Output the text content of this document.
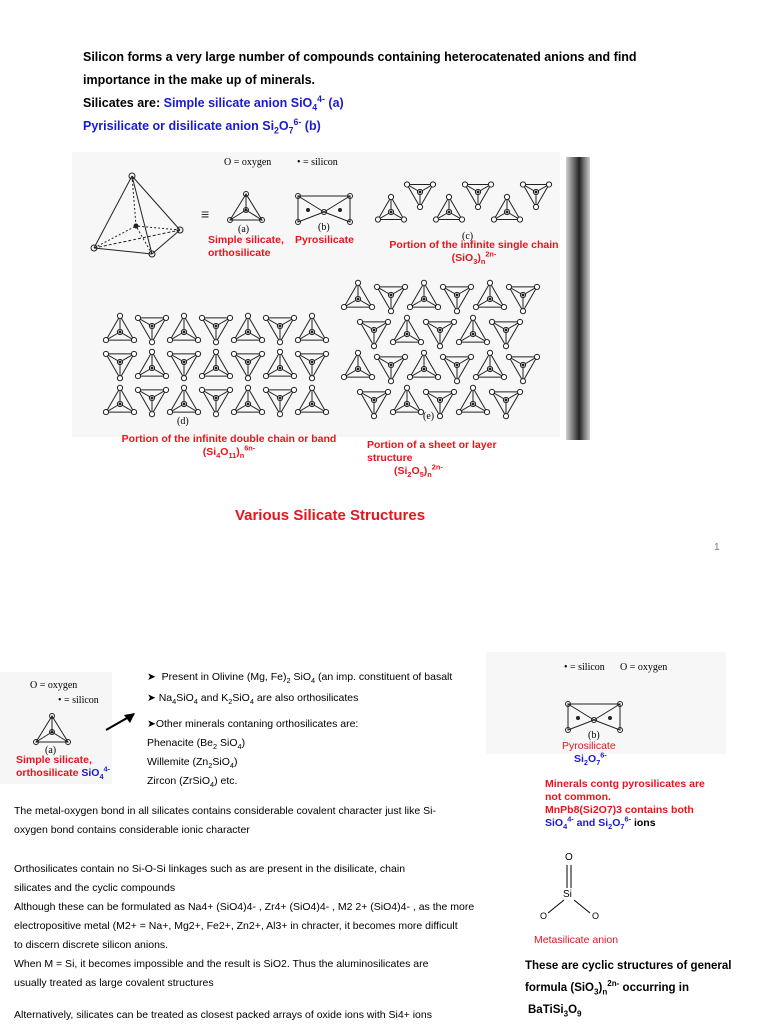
Silicon forms a very large number of compounds containing heterocatenated anions and find
importance in the make up of minerals.
Silicates are: Simple silicate anion SiO$_4^{4-}$ (a)
Pyrisilicate or disilicate anion $Si_2O_7^{6-}$ (b)
O = oxygen	• = silicon
≡
(a)	(b)
(c)
Simple silicate,
orthosilicate
Pyrosilicate	Portion of the infinite single chain
$(SiO_3)_n^{2n-}$
(d)	(e)
Portion of the infinite double chain or band
$(Si_4O_{11})_n^{6n-}$	Portion of a sheet or layer
structure
$(Si_2O_5)_n^{2n-}$
Various Silicate Structures
1
O = oxygen
• = silicon
(a)
Simple silicate,
orthosilicate SiO$_4^{4-}$
➤  Present in Olivine (Mg, $Fe)_2$ SiO$_4$ (an imp. constituent of basalt
➤ $Na_4SiO_4$ and $K_2SiO_4$ are also orthosilicates
➤Other minerals contaning orthosilicates are:
Phenacite ($Be_2$ SiO$_4$)
Willemite $(Zn_2SiO_4)$
Zircon (ZrSiO$_4$) etc.
• = silicon O = oxygen
(b)
Pyrosilicate
$Si_2O_7^{6-}$
Minerals contg pyrosilicates are
not common.
MnPb8(Si2O7)3 contains both
SiO$_4^{4-}$ and $Si_2O_7^{6-}$ ions
O
Si
O	O
Metasilicate anion
These are cyclic structures of general
formula $(SiO_3)_n^{2n-}$ occurring in
$BaTiSi_3O_9$
The metal-oxygen bond in all silicates contains considerable covalent character just like Si-
oxygen bond contains considerable ionic character
Orthosilicates contain no Si-O-Si linkages such as are present in the disilicate, chain
silicates and the cyclic compounds
Although these can be formulated as Na4+ (SiO4)4- , Zr4+ (SiO4)4- , M2 2+ (SiO4)4- , as the more
electropositive metal (M2+ = Na+, Mg2+, Fe2+, Zn2+, Al3+ in chracter, it becomes more difficult
to discern discrete silicon anions.
When M = Si, it becomes impossible and the result is SiO2. Thus the aluminosilicates are
usually treated as large covalent structures
Alternatively, silicates can be treated as closest packed arrays of oxide ions with Si4+ ions
